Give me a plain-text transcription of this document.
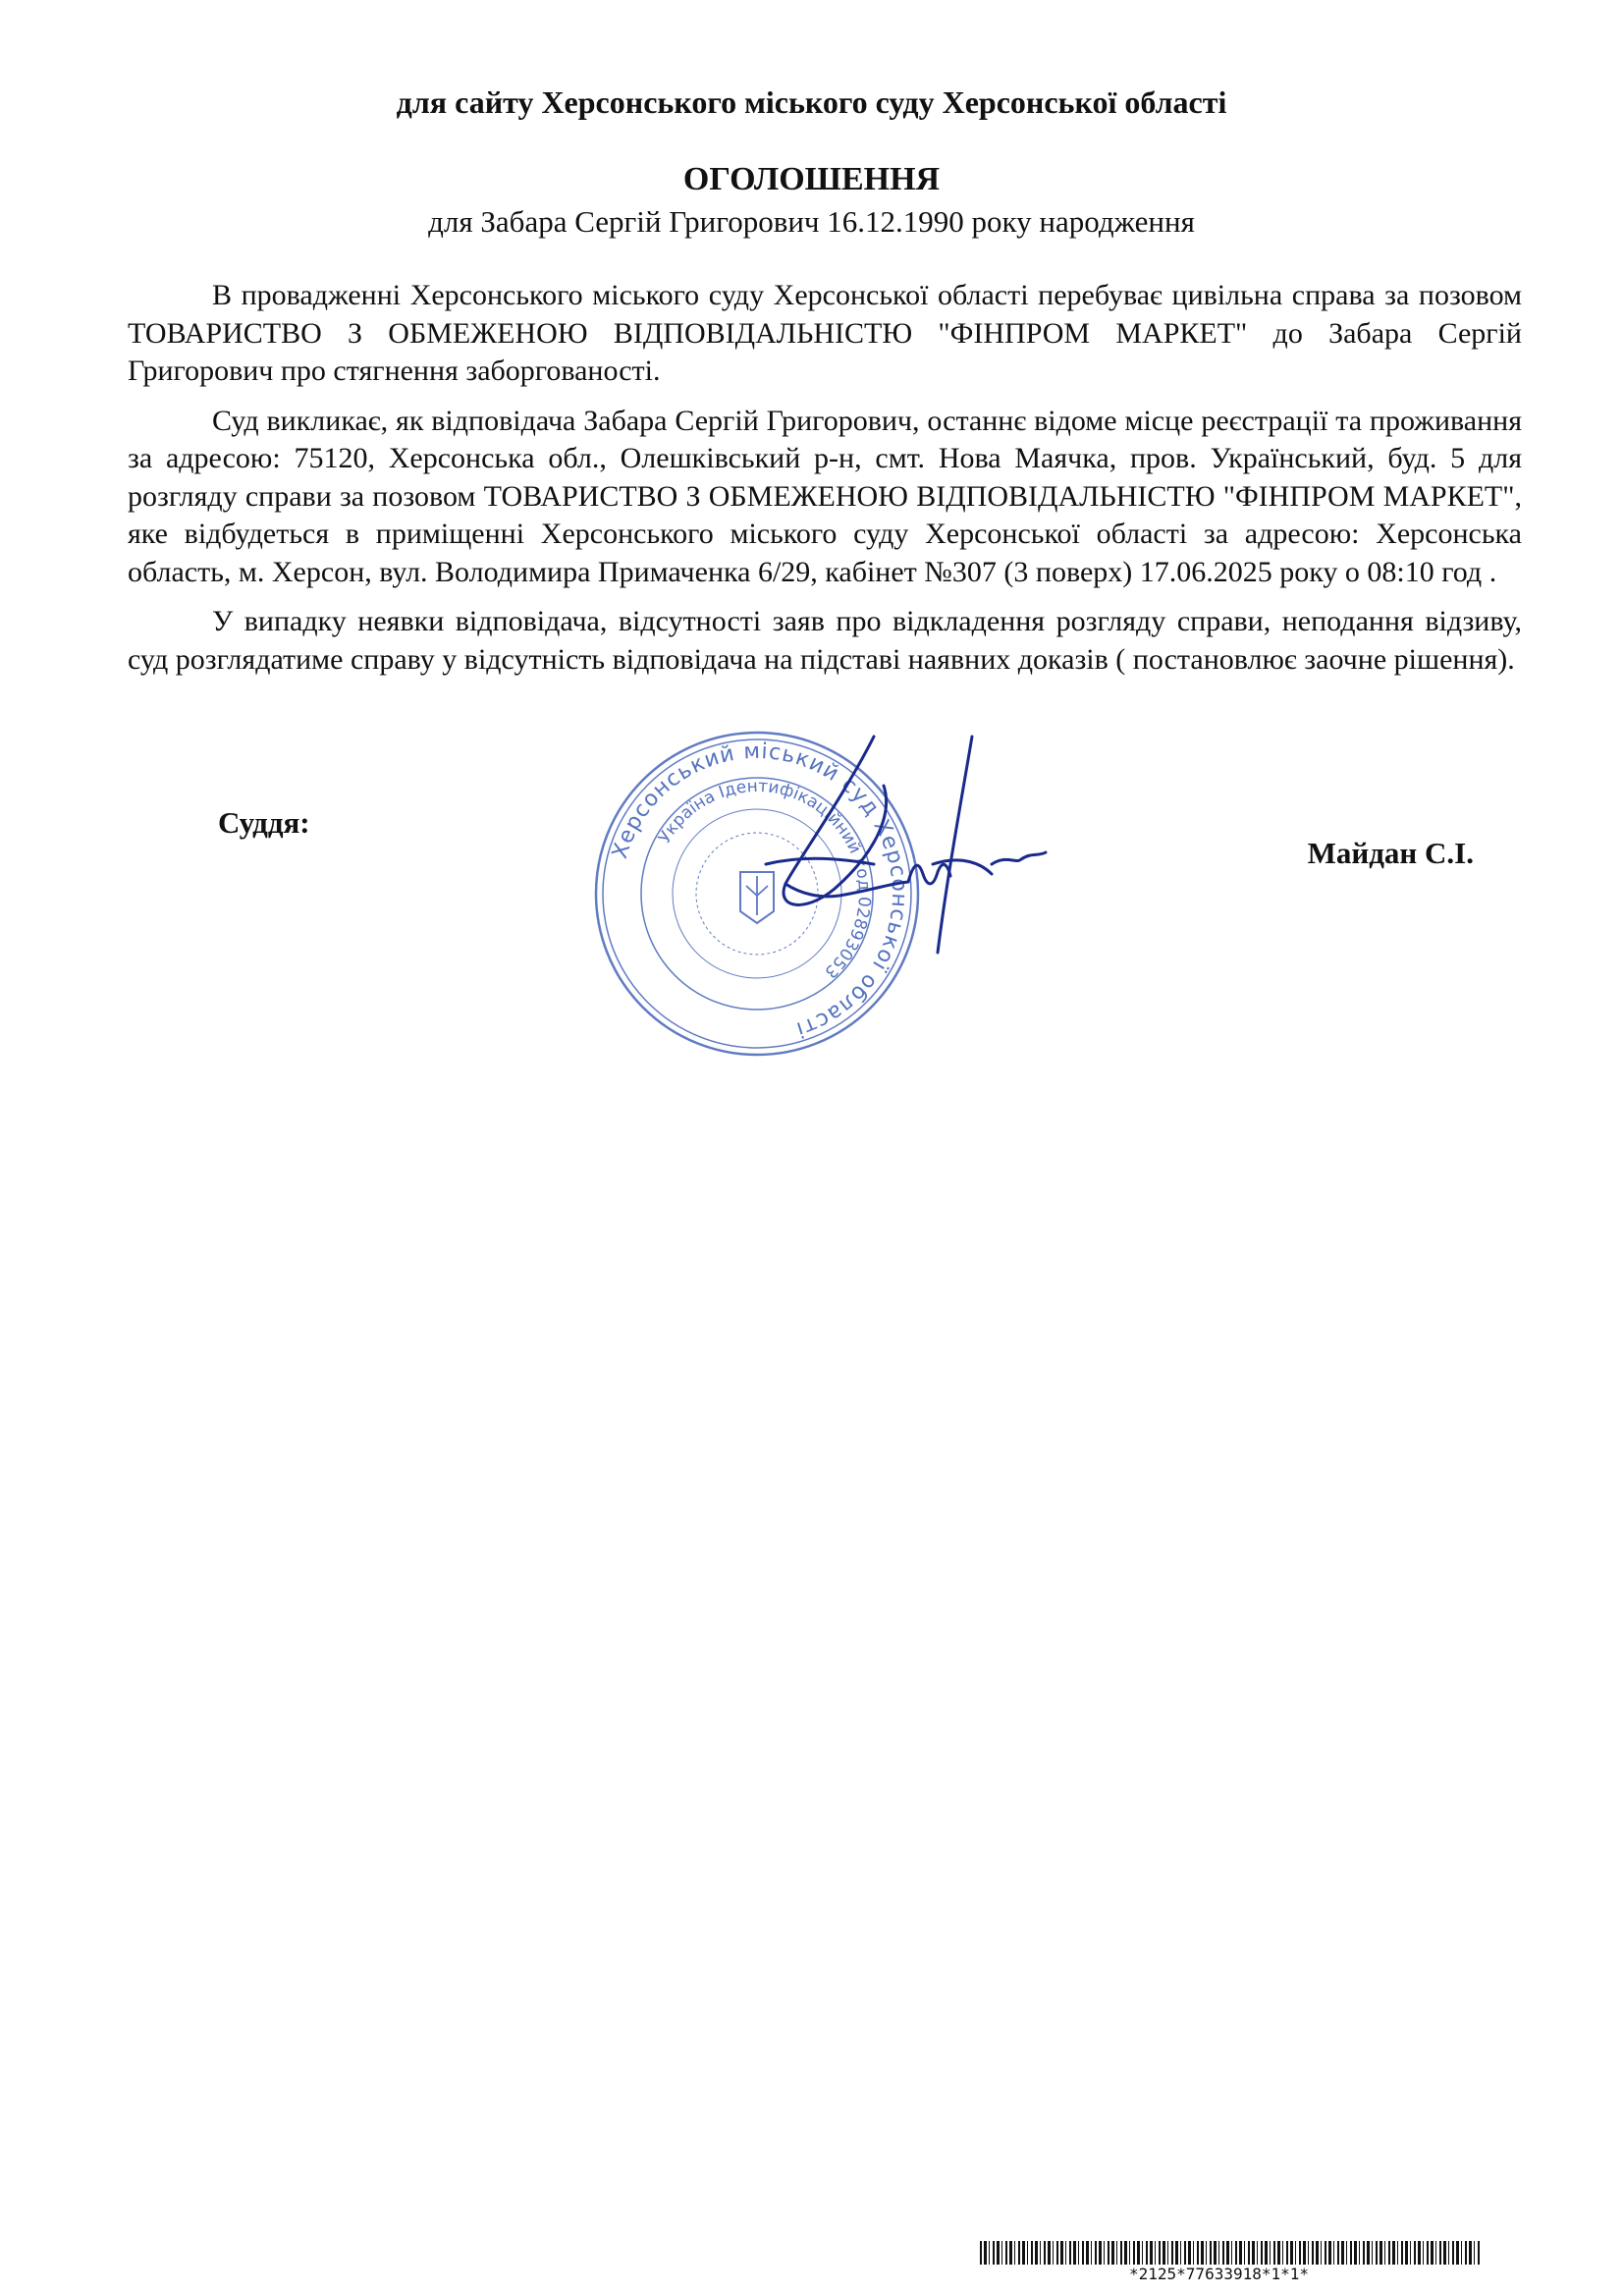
для сайту Херсонського міського суду Херсонської області
ОГОЛОШЕННЯ
для Забара Сергій Григорович 16.12.1990 року народження

В провадженні Херсонського міського суду Херсонської області перебуває цивільна справа за позовом ТОВАРИСТВО З ОБМЕЖЕНОЮ ВІДПОВІДАЛЬНІСТЮ "ФІНПРОМ МАРКЕТ" до Забара Сергій Григорович про стягнення заборгованості.

Суд викликає, як відповідача Забара Сергій Григорович, останнє відоме місце реєстрації та проживання за адресою: 75120, Херсонська обл., Олешківський р-н, смт. Нова Маячка, пров. Український, буд. 5 для розгляду справи за позовом ТОВАРИСТВО З ОБМЕЖЕНОЮ ВІДПОВІДАЛЬНІСТЮ "ФІНПРОМ МАРКЕТ", яке відбудеться в приміщенні Херсонського міського суду Херсонської області за адресою: Херсонська область, м. Херсон, вул. Володимира Примаченка 6/29, кабінет №307 (3 поверх) 17.06.2025 року о 08:10 год .

У випадку неявки відповідача, відсутності заяв про відкладення розгляду справи, неподання відзиву, суд розглядатиме справу у відсутність відповідача на підставі наявних доказів ( постановлює заочне рішення).

Херсонський міський суд Херсонської області
Україна Ідентифікаційний код 02893053
Суддя:
Майдан С.І.
*2125*77633918*1*1*
